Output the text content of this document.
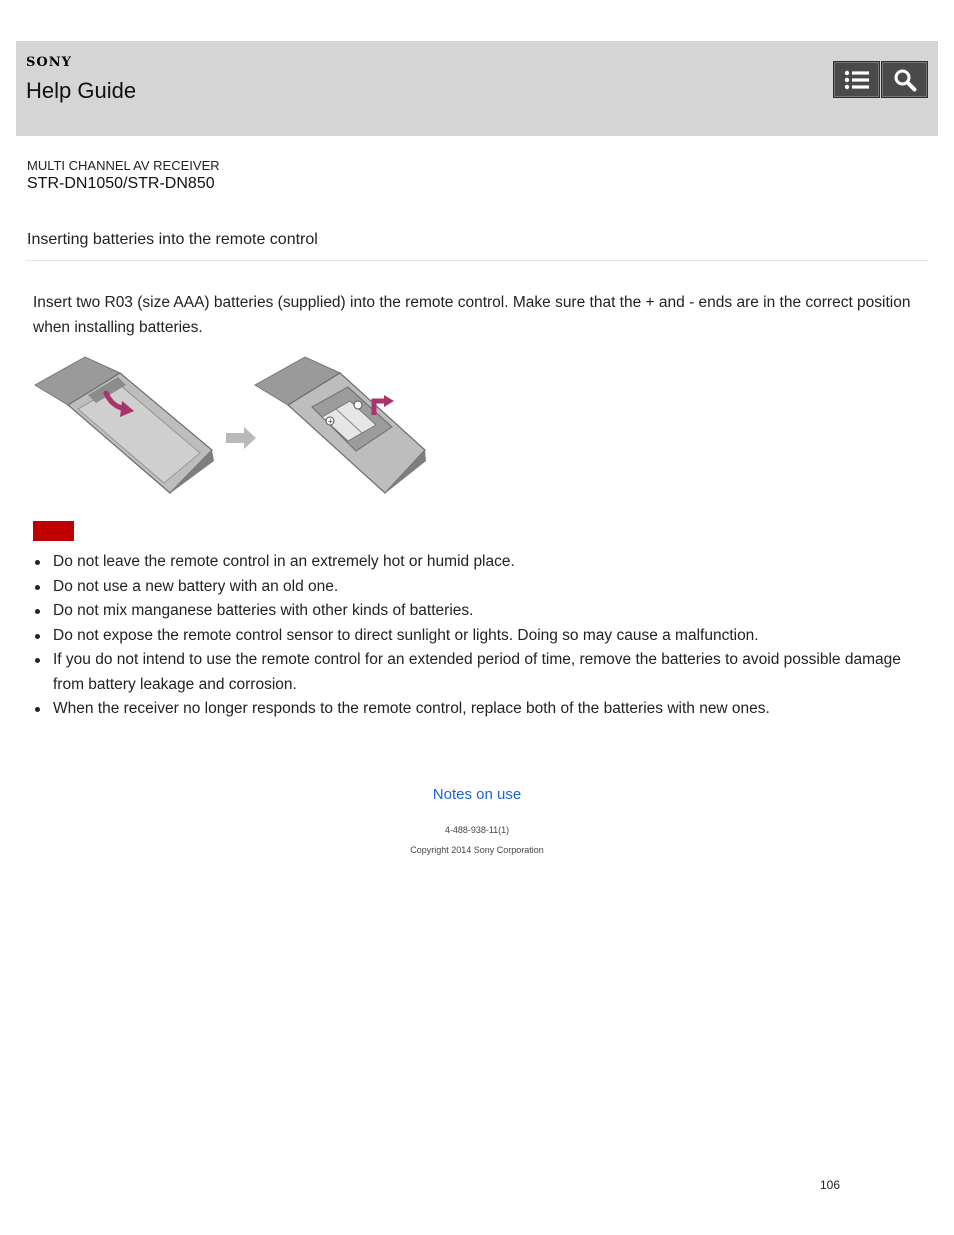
SONY
Help Guide
MULTI CHANNEL AV RECEIVER
STR-DN1050/STR-DN850
Inserting batteries into the remote control
Insert two R03 (size AAA) batteries (supplied) into the remote control. Make sure that the + and - ends are in the correct position when installing batteries.
+
Do not leave the remote control in an extremely hot or humid place.
Do not use a new battery with an old one.
Do not mix manganese batteries with other kinds of batteries.
Do not expose the remote control sensor to direct sunlight or lights. Doing so may cause a malfunction.
If you do not intend to use the remote control for an extended period of time, remove the batteries to avoid possible damage from battery leakage and corrosion.
When the receiver no longer responds to the remote control, replace both of the batteries with new ones.
Notes on use
4-488-938-11(1)
Copyright 2014 Sony Corporation
106
